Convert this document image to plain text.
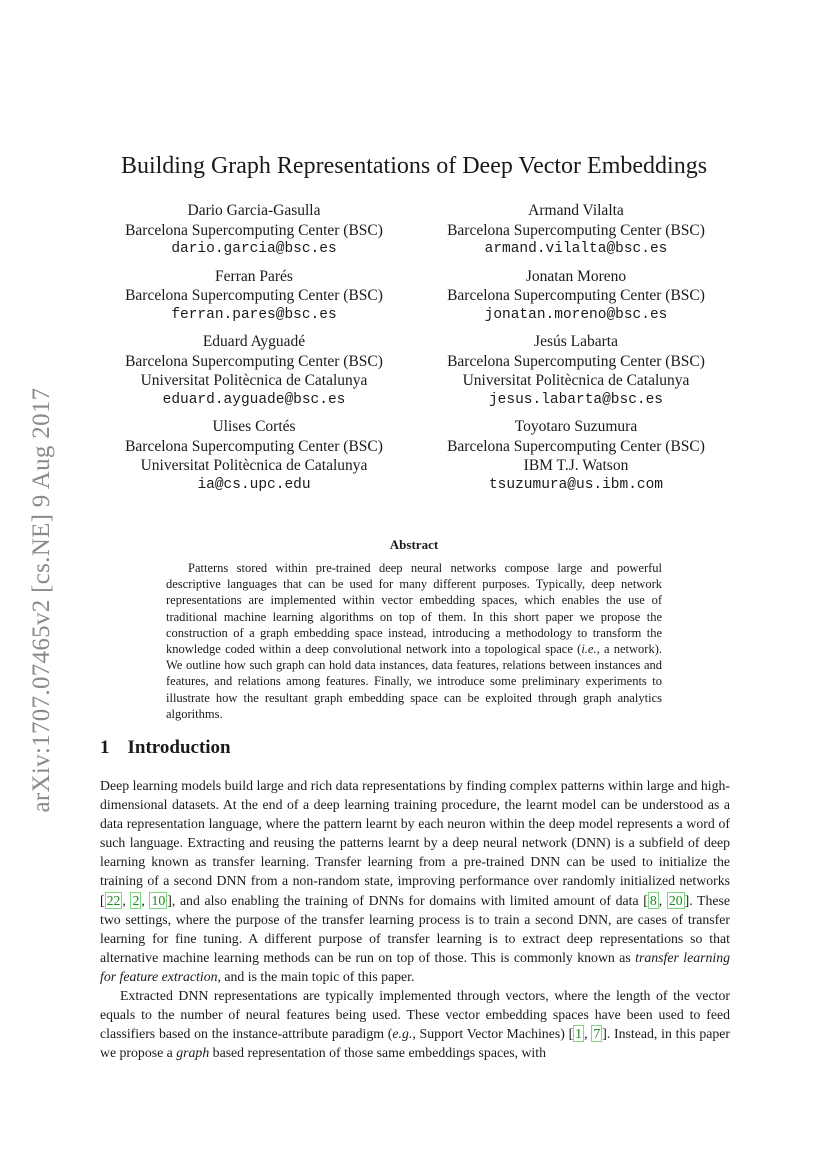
arXiv:1707.07465v2 [cs.NE] 9 Aug 2017
Building Graph Representations of Deep Vector Embeddings
Dario Garcia-Gasulla
Barcelona Supercomputing Center (BSC)
dario.garcia@bsc.es
Armand Vilalta
Barcelona Supercomputing Center (BSC)
armand.vilalta@bsc.es
Ferran Parés
Barcelona Supercomputing Center (BSC)
ferran.pares@bsc.es
Jonatan Moreno
Barcelona Supercomputing Center (BSC)
jonatan.moreno@bsc.es
Eduard Ayguadé
Barcelona Supercomputing Center (BSC)
Universitat Politècnica de Catalunya
eduard.ayguade@bsc.es
Jesús Labarta
Barcelona Supercomputing Center (BSC)
Universitat Politècnica de Catalunya
jesus.labarta@bsc.es
Ulises Cortés
Barcelona Supercomputing Center (BSC)
Universitat Politècnica de Catalunya
ia@cs.upc.edu
Toyotaro Suzumura
Barcelona Supercomputing Center (BSC)
IBM T.J. Watson
tsuzumura@us.ibm.com
Abstract
Patterns stored within pre-trained deep neural networks compose large and powerful descriptive languages that can be used for many different purposes. Typically, deep network representations are implemented within vector embedding spaces, which enables the use of traditional machine learning algorithms on top of them. In this short paper we propose the construction of a graph embedding space instead, introducing a methodology to transform the knowledge coded within a deep convolutional network into a topological space (i.e., a network). We outline how such graph can hold data instances, data features, relations between instances and features, and relations among features. Finally, we introduce some preliminary experiments to illustrate how the resultant graph embedding space can be exploited through graph analytics algorithms.
1 Introduction

Deep learning models build large and rich data representations by finding complex patterns within large and high-dimensional datasets. At the end of a deep learning training procedure, the learnt model can be understood as a data representation language, where the pattern learnt by each neuron within the deep model represents a word of such language. Extracting and reusing the patterns learnt by a deep neural network (DNN) is a subfield of deep learning known as transfer learning. Transfer learning from a pre-trained DNN can be used to initialize the training of a second DNN from a non-random state, improving performance over randomly initialized networks [ 22 , 2 , 10 ], and also enabling the training of DNNs for domains with limited amount of data [ 8 , 20 ]. These two settings, where the purpose of the transfer learning process is to train a second DNN, are cases of transfer learning for fine tuning. A different purpose of transfer learning is to extract deep representations so that alternative machine learning methods can be run on top of those. This is commonly known as transfer learning for feature extraction, and is the main topic of this paper.

Extracted DNN representations are typically implemented through vectors, where the length of the vector equals to the number of neural features being used. These vector embedding spaces have been used to feed classifiers based on the instance-attribute paradigm (e.g., Support Vector Machines) [ 1 , 7 ]. Instead, in this paper we propose a graph based representation of those same embeddings spaces, with
